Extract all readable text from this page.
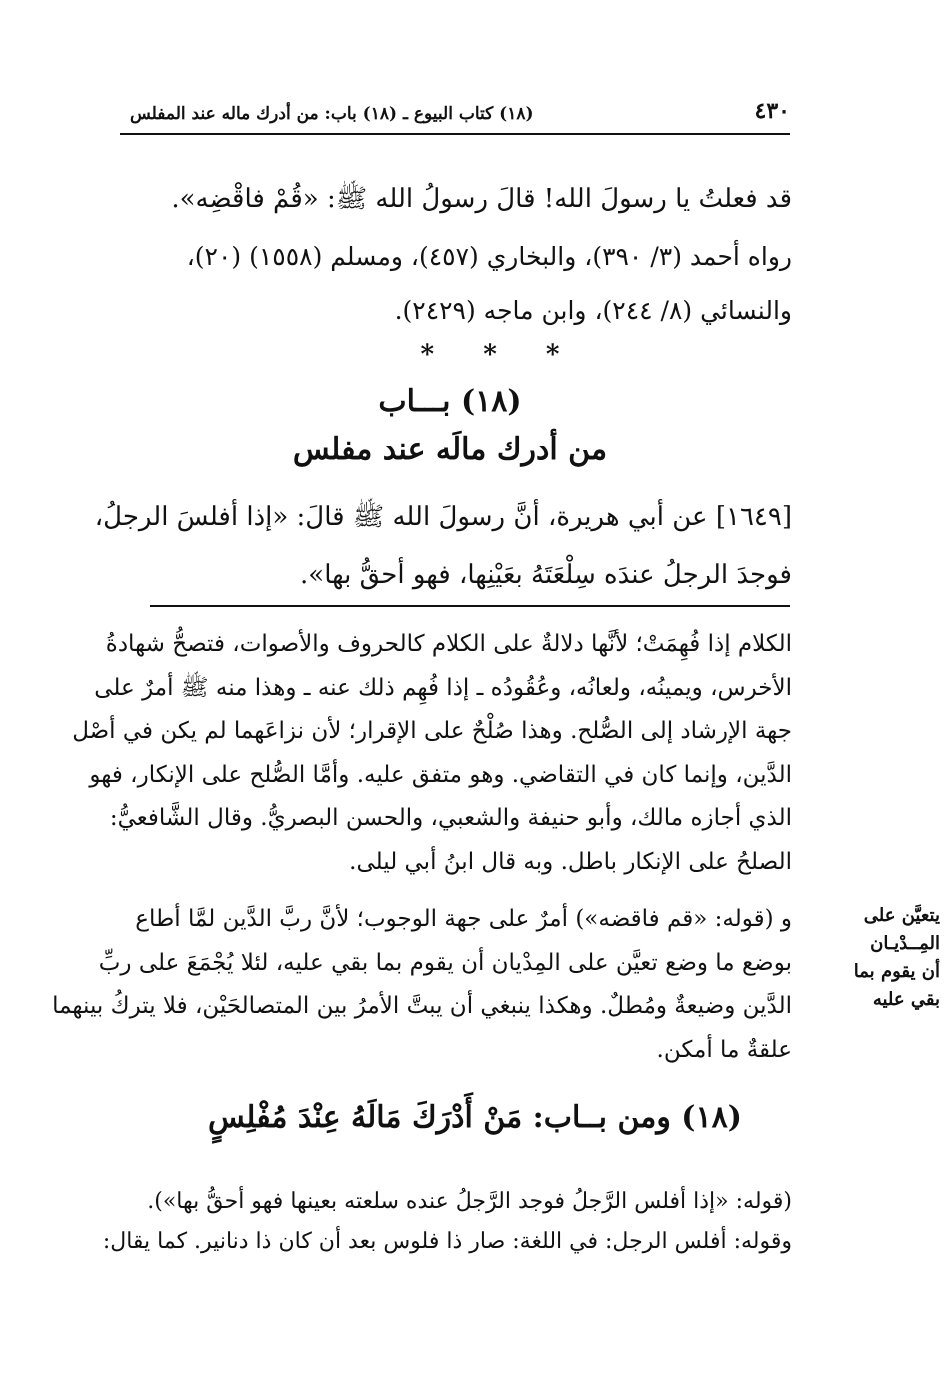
٤٣٠
(١٨) كتاب البيوع ـ (١٨) باب: من أدرك ماله عند المفلس
قد فعلتُ يا رسولَ الله! قالَ رسولُ الله ﷺ: «قُمْ فاقْضِه».
رواه أحمد (٣/ ٣٩٠)، والبخاري (٤٥٧)، ومسلم (١٥٥٨) (٢٠)،
والنسائي (٨/ ٢٤٤)، وابن ماجه (٢٤٢٩).
* * *
(١٨) بـــاب
من أدرك مالَه عند مفلس
[١٦٤٩] عن أبي هريرة، أنَّ رسولَ الله ﷺ قالَ: «إذا أفلسَ الرجلُ،
فوجدَ الرجلُ عندَه سِلْعَتَهُ بعَيْنِها، فهو أحقُّ بها».
الكلام إذا فُهِمَتْ؛ لأنَّها دلالةٌ على الكلام كالحروف والأصوات، فتصحُّ شهادةُ
الأخرس، ويمينُه، ولعانُه، وعُقُودُه ـ إذا فُهِم ذلك عنه ـ وهذا منه ﷺ أمرٌ على
جهة الإرشاد إلى الصُّلح. وهذا صُلْحٌ على الإقرار؛ لأن نزاعَهما لم يكن في أصْل
الدَّين، وإنما كان في التقاضي. وهو متفق عليه. وأمَّا الصُّلح على الإنكار، فهو
الذي أجازه مالك، وأبو حنيفة والشعبي، والحسن البصريُّ. وقال الشَّافعيُّ:
الصلحُ على الإنكار باطل. وبه قال ابنُ أبي ليلى.
يتعيَّن على
المِــدْيـان
أن يقوم بما
بقي عليه
و (قوله: «قم فاقضه») أمرٌ على جهة الوجوب؛ لأنَّ ربَّ الدَّين لمَّا أطاع
بوضع ما وضع تعيَّن على المِدْيان أن يقوم بما بقي عليه، لئلا يُجْمَعَ على ربِّ
الدَّين وضيعةٌ ومُطلٌ. وهكذا ينبغي أن يبتَّ الأمرُ بين المتصالحَيْن، فلا يتركُ بينهما
علقةٌ ما أمكن.
(١٨) ومن بــاب: مَنْ أَدْرَكَ مَالَهُ عِنْدَ مُفْلِسٍ
(قوله: «إذا أفلس الرَّجلُ فوجد الرَّجلُ عنده سلعته بعينها فهو أحقُّ بها»).
وقوله: أفلس الرجل: في اللغة: صار ذا فلوس بعد أن كان ذا دنانير. كما يقال:
